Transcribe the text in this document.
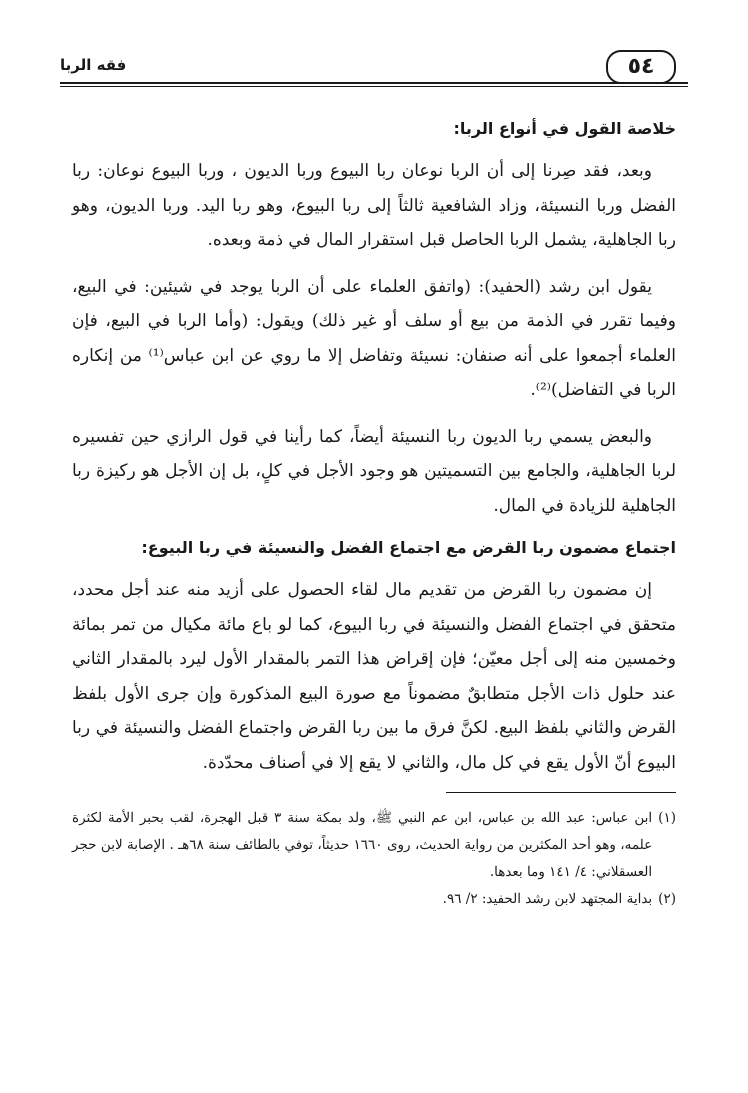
٥٤
فقه الربا
خلاصة القول في أنواع الربا:

وبعد، فقد صِرنا إلى أن الربا نوعان ربا البيوع وربا الديون ، وربا البيوع نوعان: ربا الفضل وربا النسيئة، وزاد الشافعية ثالثاً إلى ربا البيوع، وهو ربا اليد. وربا الديون، وهو ربا الجاهلية، يشمل الربا الحاصل قبل استقرار المال في ذمة وبعده.

يقول ابن رشد (الحفيد): (واتفق العلماء على أن الربا يوجد في شيئين: في البيع، وفيما تقرر في الذمة من بيع أو سلف أو غير ذلك) ويقول: (وأما الربا في البيع، فإن العلماء أجمعوا على أنه صنفان: نسيئة وتفاضل إلا ما روي عن ابن عباس⁽¹⁾ من إنكاره الربا في التفاضل)⁽²⁾.

والبعض يسمي ربا الديون ربا النسيئة أيضاً، كما رأينا في قول الرازي حين تفسيره لربا الجاهلية، والجامع بين التسميتين هو وجود الأجل في كلٍ، بل إن الأجل هو ركيزة ربا الجاهلية للزيادة في المال.

اجتماع مضمون ربا القرض مع اجتماع الفضل والنسيئة في ربا البيوع:

إن مضمون ربا القرض من تقديم مال لقاء الحصول على أزيد منه عند أجل محدد، متحقق في اجتماع الفضل والنسيئة في ربا البيوع، كما لو باع مائة مكيال من تمر بمائة وخمسين منه إلى أجل معيّن؛ فإن إقراض هذا التمر بالمقدار الأول ليرد بالمقدار الثاني عند حلول ذات الأجل متطابقٌ مضموناً مع صورة البيع المذكورة وإن جرى الأول بلفظ القرض والثاني بلفظ البيع. لكنَّ فرق ما بين ربا القرض واجتماع الفضل والنسيئة في ربا البيوع أنّ الأول يقع في كل مال، والثاني لا يقع إلا في أصناف محدّدة.

(١)
ابن عباس: عبد الله بن عباس، ابن عم النبي ﷺ، ولد بمكة سنة ٣ قبل الهجرة، لقب بحبر الأمة لكثرة علمه، وهو أحد المكثرين من رواية الحديث، روى ١٦٦٠ حديثاً، توفي بالطائف سنة ٦٨هـ . الإصابة لابن حجر العسقلاني: ٤/ ١٤١ وما بعدها.
(٢)
بداية المجتهد لابن رشد الحفيد: ٢/ ٩٦.
